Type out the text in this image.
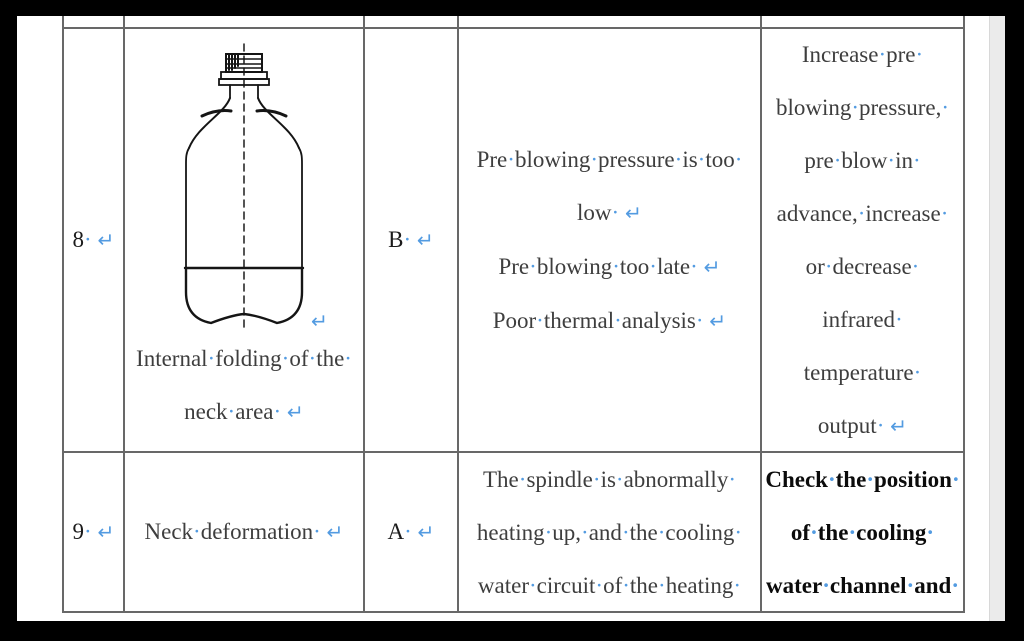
8· ↵
↵
Internal·folding·of·the·
neck·area· ↵
B· ↵
Pre·blowing·pressure·is·too·
low· ↵
Pre·blowing·too·late· ↵
Poor·thermal·analysis· ↵
Increase·pre·
blowing·pressure,·
pre·blow·in·
advance,·increase·
or·decrease·
infrared·
temperature·
output· ↵
9· ↵ Neck·deformation· ↵ A· ↵
The·spindle·is·abnormally·
heating·up,·and·the·cooling·
water·circuit·of·the·heating·
Check·the·position·
of·the·cooling·
water·channel·and·
